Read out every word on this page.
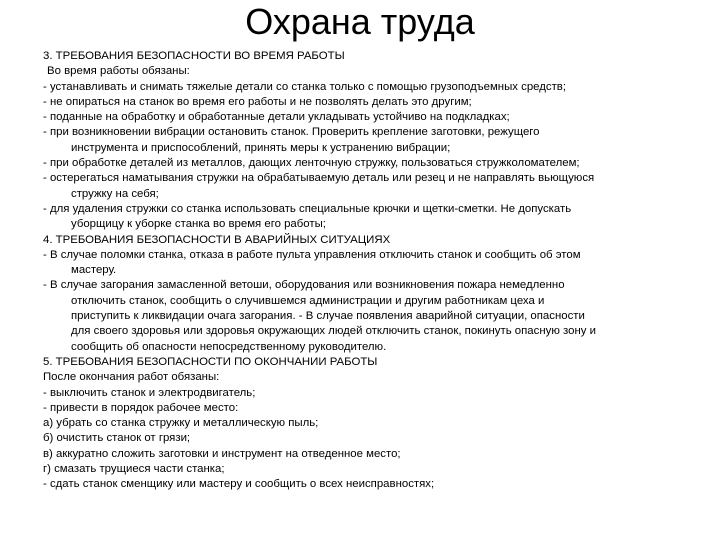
Охрана труда
3. ТРЕБОВАНИЯ БЕЗОПАСНОСТИ ВО ВРЕМЯ РАБОТЫ
Во время работы обязаны:
- устанавливать и снимать тяжелые детали со станка только с помощью грузоподъемных средств;
- не опираться на станок во время его работы и не позволять делать это другим;
- поданные на обработку и обработанные детали укладывать устойчиво на подкладках;
- при возникновении вибрации остановить станок. Проверить крепление заготовки, режущего
инструмента и приспособлений, принять меры к устранению вибрации;
- при обработке деталей из металлов, дающих ленточную стружку, пользоваться стружколомателем;
- остерегаться наматывания стружки на обрабатываемую деталь или резец и не направлять вьющуюся
стружку на себя;
- для удаления стружки со станка использовать специальные крючки и щетки-сметки. Не допускать
уборщицу к уборке станка во время его работы;
4. ТРЕБОВАНИЯ БЕЗОПАСНОСТИ В АВАРИЙНЫХ СИТУАЦИЯХ
- В случае поломки станка, отказа в работе пульта управления отключить станок и сообщить об этом
мастеру.
- В случае загорания замасленной ветоши, оборудования или возникновения пожара немедленно
отключить станок, сообщить о случившемся администрации и другим работникам цеха и
приступить к ликвидации очага загорания. - В случае появления аварийной ситуации, опасности
для своего здоровья или здоровья окружающих людей отключить станок, покинуть опасную зону и
сообщить об опасности непосредственному руководителю.
5. ТРЕБОВАНИЯ БЕЗОПАСНОСТИ ПО ОКОНЧАНИИ РАБОТЫ
После окончания работ обязаны:
- выключить станок и электродвигатель;
- привести в порядок рабочее место:
а) убрать со станка стружку и металлическую пыль;
б) очистить станок от грязи;
в) аккуратно сложить заготовки и инструмент на отведенное место;
г) смазать трущиеся части станка;
- сдать станок сменщику или мастеру и сообщить о всех неисправностях;
